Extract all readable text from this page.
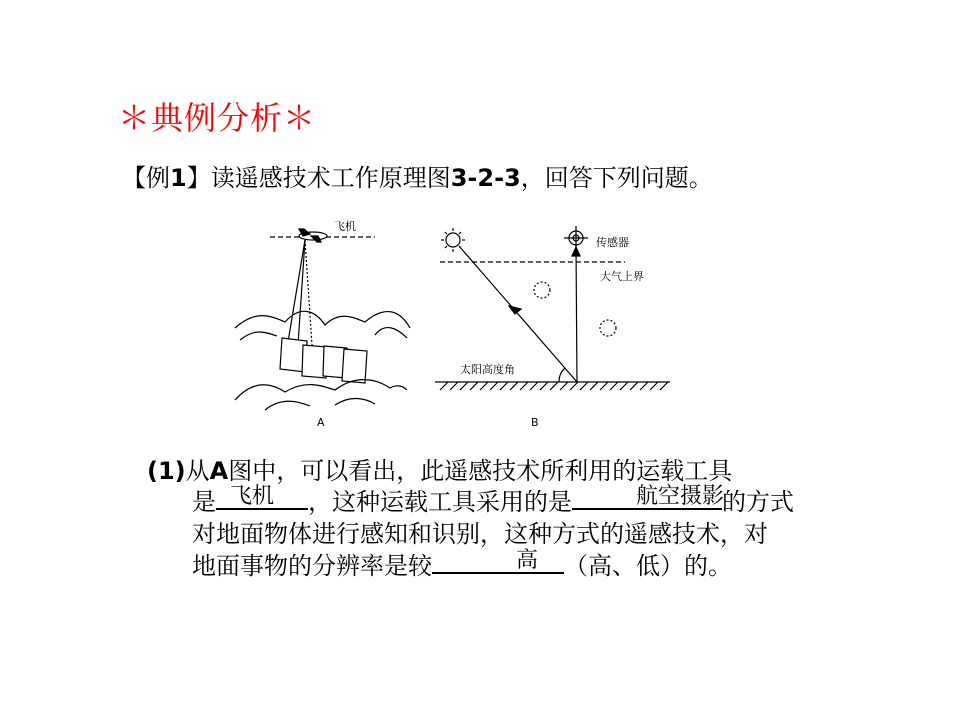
＊典例分析＊
【例1】读遥感技术工作原理图3-2-3，回答下列问题。
飞机
A
传感器
大气上界
太阳高度角
B
(1)从A图中，可以看出，此遥感技术所利用的运载工具
是	，这种运载工具采用的是	的方式
对地面物体进行感知和识别，这种方式的遥感技术，对
地面事物的分辨率是较	（高、低）的。
飞机	航空摄影
高
